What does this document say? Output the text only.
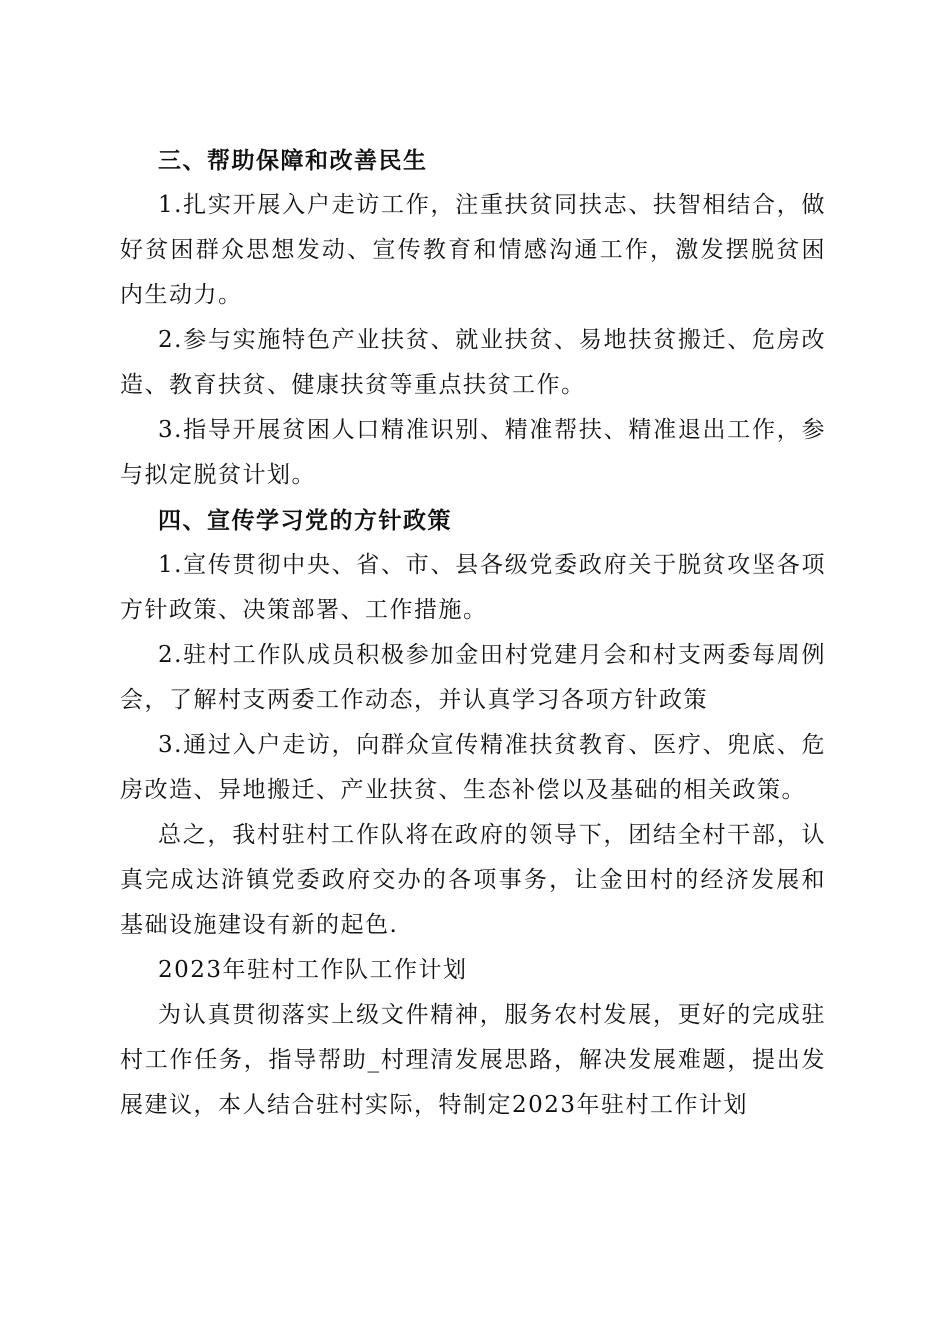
三、帮助保障和改善民生
1.扎实开展入户走访工作，注重扶贫同扶志、扶智相结合，做好贫困群众思想发动、宣传教育和情感沟通工作，激发摆脱贫困内生动力。
2.参与实施特色产业扶贫、就业扶贫、易地扶贫搬迁、危房改造、教育扶贫、健康扶贫等重点扶贫工作。
3.指导开展贫困人口精准识别、精准帮扶、精准退出工作，参与拟定脱贫计划。
四、宣传学习党的方针政策
1.宣传贯彻中央、省、市、县各级党委政府关于脱贫攻坚各项方针政策、决策部署、工作措施。
2.驻村工作队成员积极参加金田村党建月会和村支两委每周例会，了解村支两委工作动态，并认真学习各项方针政策
3.通过入户走访，向群众宣传精准扶贫教育、医疗、兜底、危房改造、异地搬迁、产业扶贫、生态补偿以及基础的相关政策。
总之，我村驻村工作队将在政府的领导下，团结全村干部，认真完成达浒镇党委政府交办的各项事务，让金田村的经济发展和基础设施建设有新的起色.
2023年驻村工作队工作计划
为认真贯彻落实上级文件精神，服务农村发展，更好的完成驻村工作任务，指导帮助_村理清发展思路，解决发展难题，提出发展建议，本人结合驻村实际，特制定2023年驻村工作计划
